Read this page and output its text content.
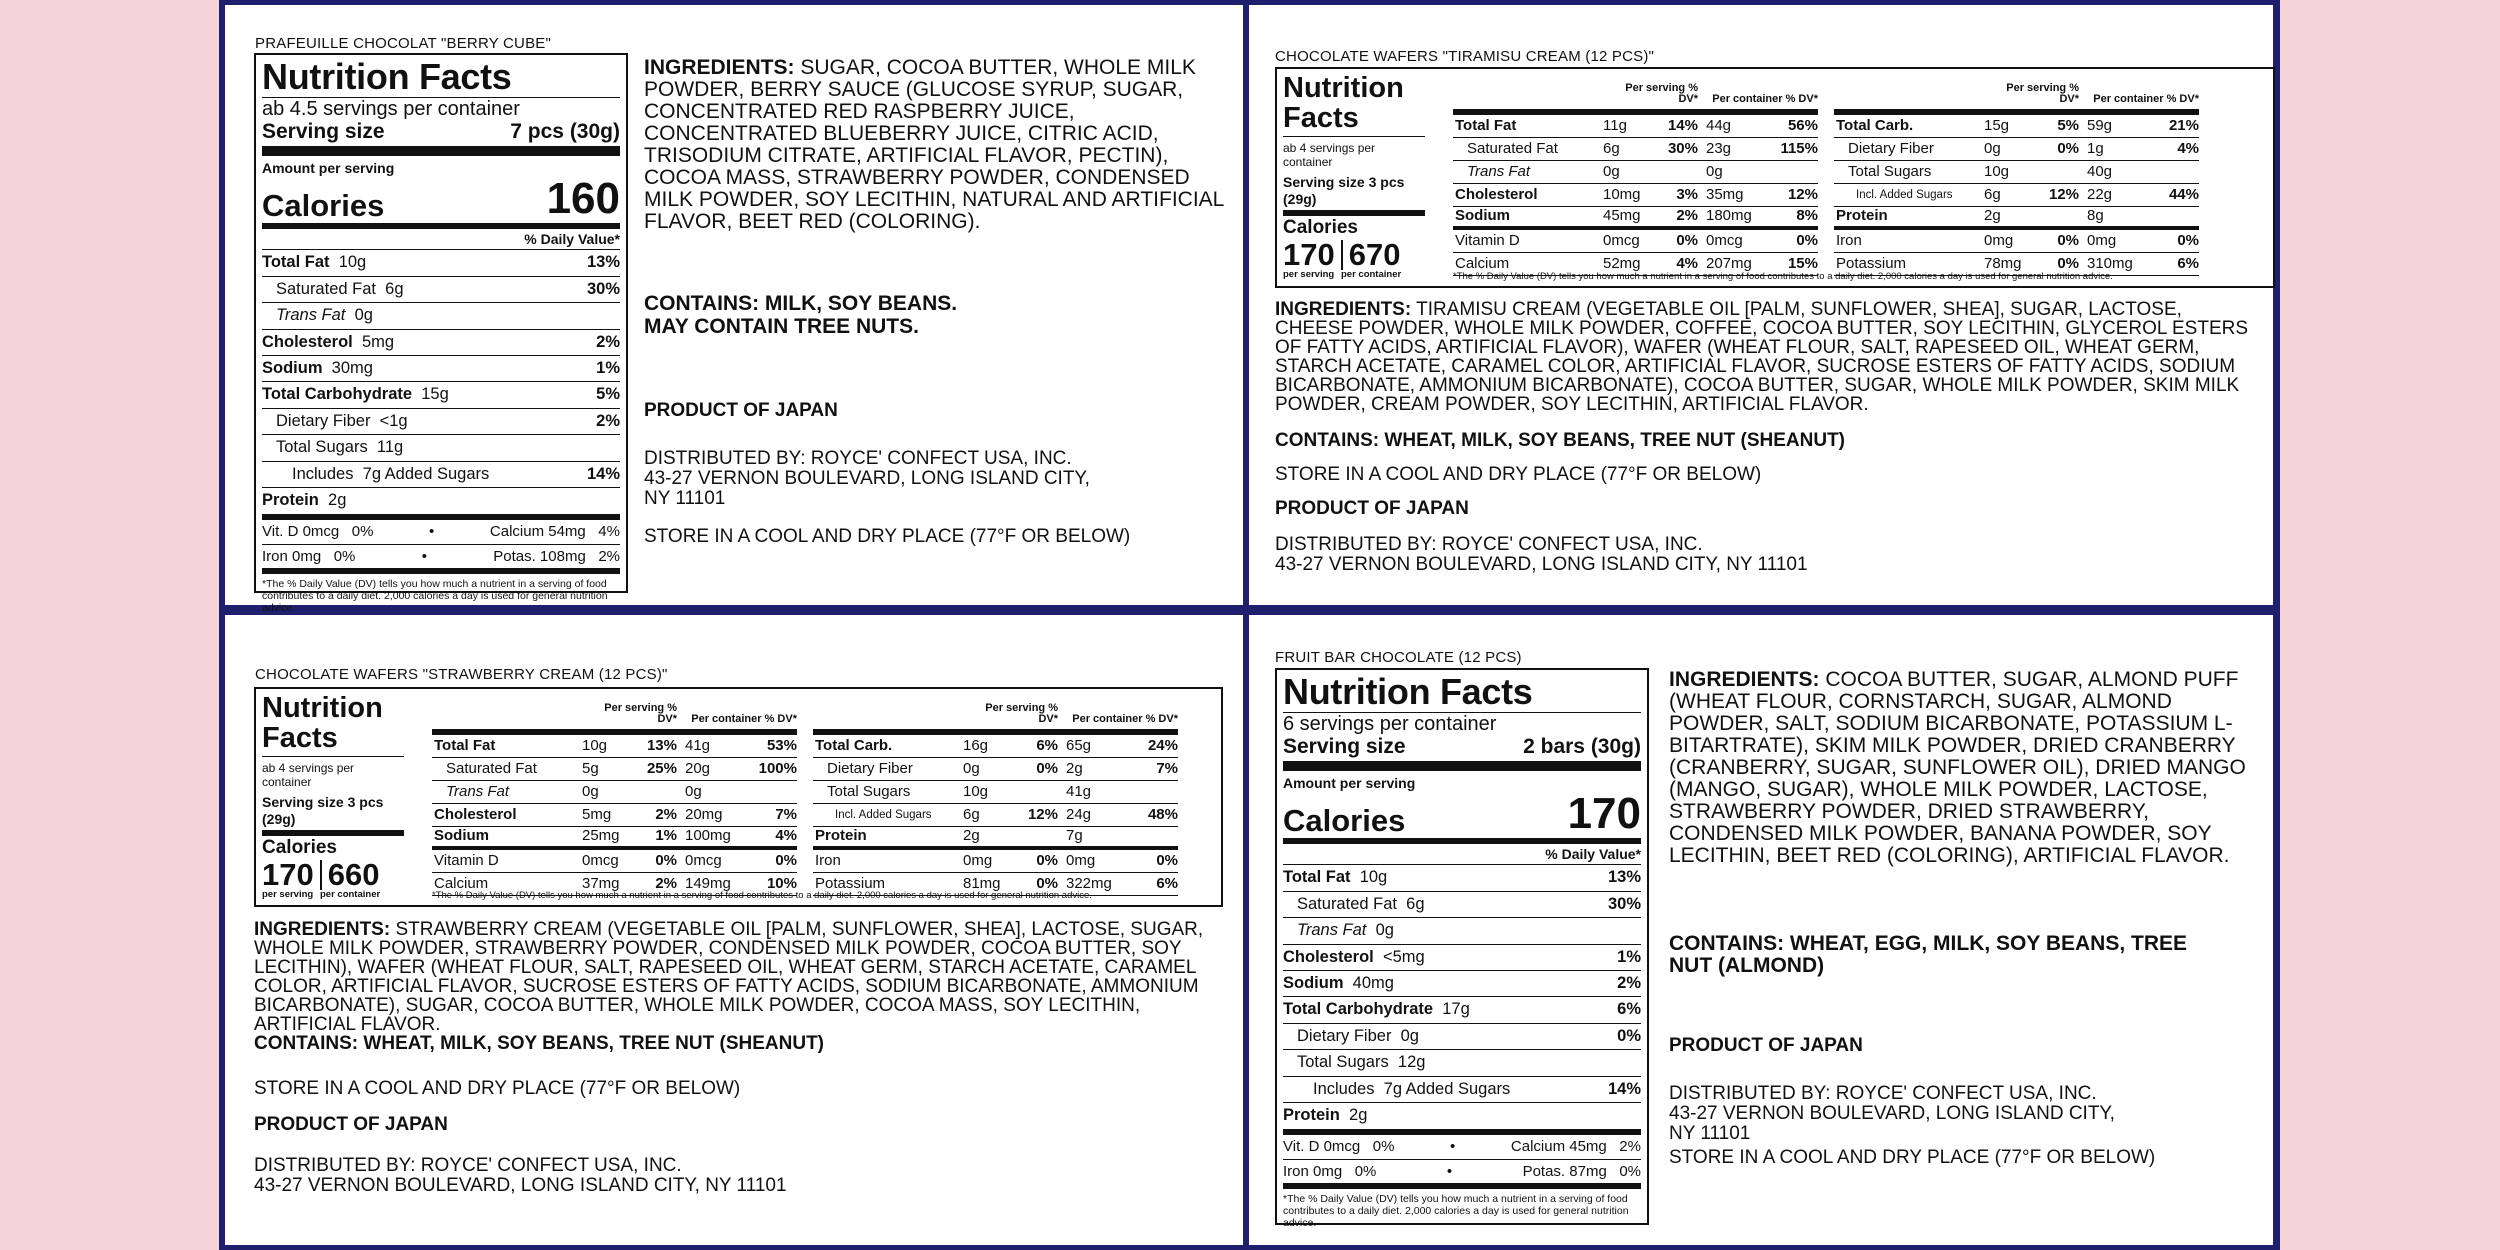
PRAFEUILLE CHOCOLAT "BERRY CUBE"
Nutrition Facts
ab 4.5 servings per container
Serving size	7 pcs (30g)
Amount per serving
Calories	160
% Daily Value*
Total Fat 10g	13%
Saturated Fat 6g	30%
Trans Fat 0g
Cholesterol 5mg	2%
Sodium 30mg	1%
Total Carbohydrate 15g	5%
Dietary Fiber <1g	2%
Total Sugars 11g
Includes 7g Added Sugars	14%
Protein 2g
Vit. D 0mcg 0%	•	Calcium 54mg 4%
Iron 0mg 0%	•	Potas. 108mg 2%
*The % Daily Value (DV) tells you how much a nutrient in a serving of food contributes to a daily diet. 2,000 calories a day is used for general nutrition advice.
INGREDIENTS: SUGAR, COCOA BUTTER, WHOLE MILK POWDER, BERRY SAUCE (GLUCOSE SYRUP, SUGAR, CONCENTRATED RED RASPBERRY JUICE, CONCENTRATED BLUEBERRY JUICE, CITRIC ACID, TRISODIUM CITRATE, ARTIFICIAL FLAVOR, PECTIN), COCOA MASS, STRAWBERRY POWDER, CONDENSED MILK POWDER, SOY LECITHIN, NATURAL AND ARTIFICIAL FLAVOR, BEET RED (COLORING).
CONTAINS: MILK, SOY BEANS.
MAY CONTAIN TREE NUTS.
PRODUCT OF JAPAN
DISTRIBUTED BY: ROYCE' CONFECT USA, INC.
43-27 VERNON BOULEVARD, LONG ISLAND CITY,
NY 11101
STORE IN A COOL AND DRY PLACE (77°F OR BELOW)
CHOCOLATE WAFERS "TIRAMISU CREAM (12 PCS)"
Nutrition Facts
ab 4 servings per container
Serving size 3 pcs (29g)
Calories
170 670
per serving per container
Per serving % DV*	Per container % DV*
Total Fat	11g	14% 44g	56%
Saturated Fat	6g	30% 23g	115%
Trans Fat	0g	0g
Cholesterol	10mg	3% 35mg	12%
Sodium	45mg	2% 180mg	8%
Vitamin D	0mcg	0% 0mcg	0%
Calcium	52mg	4% 207mg	15%
Per serving % DV*	Per container % DV*
Total Carb.	15g	5% 59g	21%
Dietary Fiber	0g	0% 1g	4%
Total Sugars	10g	40g
Incl. Added Sugars	6g	12% 22g	44%
Protein	2g	8g
Iron	0mg	0% 0mg	0%
Potassium	78mg	0% 310mg	6%
*The % Daily Value (DV) tells you how much a nutrient in a serving of food contributes to a daily diet. 2,000 calories a day is used for general nutrition advice.
INGREDIENTS: TIRAMISU CREAM (VEGETABLE OIL [PALM, SUNFLOWER, SHEA], SUGAR, LACTOSE, CHEESE POWDER, WHOLE MILK POWDER, COFFEE, COCOA BUTTER, SOY LECITHIN, GLYCEROL ESTERS OF FATTY ACIDS, ARTIFICIAL FLAVOR), WAFER (WHEAT FLOUR, SALT, RAPESEED OIL, WHEAT GERM, STARCH ACETATE, CARAMEL COLOR, ARTIFICIAL FLAVOR, SUCROSE ESTERS OF FATTY ACIDS, SODIUM BICARBONATE, AMMONIUM BICARBONATE), COCOA BUTTER, SUGAR, WHOLE MILK POWDER, SKIM MILK POWDER, CREAM POWDER, SOY LECITHIN, ARTIFICIAL FLAVOR.
CONTAINS: WHEAT, MILK, SOY BEANS, TREE NUT (SHEANUT)
STORE IN A COOL AND DRY PLACE (77°F OR BELOW)
PRODUCT OF JAPAN
DISTRIBUTED BY: ROYCE' CONFECT USA, INC.
43-27 VERNON BOULEVARD, LONG ISLAND CITY, NY 11101
CHOCOLATE WAFERS "STRAWBERRY CREAM (12 PCS)"
Nutrition Facts
ab 4 servings per container
Serving size 3 pcs (29g)
Calories
170 660
per serving per container
Per serving % DV*	Per container % DV*
Total Fat	10g	13% 41g	53%
Saturated Fat	5g	25% 20g	100%
Trans Fat	0g	0g
Cholesterol	5mg	2% 20mg	7%
Sodium	25mg	1% 100mg	4%
Vitamin D	0mcg	0% 0mcg	0%
Calcium	37mg	2% 149mg	10%
Per serving % DV*	Per container % DV*
Total Carb.	16g	6% 65g	24%
Dietary Fiber	0g	0% 2g	7%
Total Sugars	10g	41g
Incl. Added Sugars	6g	12% 24g	48%
Protein	2g	7g
Iron	0mg	0% 0mg	0%
Potassium	81mg	0% 322mg	6%
*The % Daily Value (DV) tells you how much a nutrient in a serving of food contributes to a daily diet. 2,000 calories a day is used for general nutrition advice.
INGREDIENTS: STRAWBERRY CREAM (VEGETABLE OIL [PALM, SUNFLOWER, SHEA], LACTOSE, SUGAR, WHOLE MILK POWDER, STRAWBERRY POWDER, CONDENSED MILK POWDER, COCOA BUTTER, SOY LECITHIN), WAFER (WHEAT FLOUR, SALT, RAPESEED OIL, WHEAT GERM, STARCH ACETATE, CARAMEL COLOR, ARTIFICIAL FLAVOR, SUCROSE ESTERS OF FATTY ACIDS, SODIUM BICARBONATE, AMMONIUM BICARBONATE), SUGAR, COCOA BUTTER, WHOLE MILK POWDER, COCOA MASS, SOY LECITHIN, ARTIFICIAL FLAVOR.
CONTAINS: WHEAT, MILK, SOY BEANS, TREE NUT (SHEANUT)
STORE IN A COOL AND DRY PLACE (77°F OR BELOW)
PRODUCT OF JAPAN
DISTRIBUTED BY: ROYCE' CONFECT USA, INC.
43-27 VERNON BOULEVARD, LONG ISLAND CITY, NY 11101
FRUIT BAR CHOCOLATE (12 PCS)
Nutrition Facts
6 servings per container
Serving size	2 bars (30g)
Amount per serving
Calories	170
% Daily Value*
Total Fat 10g	13%
Saturated Fat 6g	30%
Trans Fat 0g
Cholesterol <5mg	1%
Sodium 40mg	2%
Total Carbohydrate 17g	6%
Dietary Fiber 0g	0%
Total Sugars 12g
Includes 7g Added Sugars	14%
Protein 2g
Vit. D 0mcg 0%	•	Calcium 45mg 2%
Iron 0mg 0%	•	Potas. 87mg 0%
*The % Daily Value (DV) tells you how much a nutrient in a serving of food contributes to a daily diet. 2,000 calories a day is used for general nutrition advice.
INGREDIENTS: COCOA BUTTER, SUGAR, ALMOND PUFF (WHEAT FLOUR, CORNSTARCH, SUGAR, ALMOND POWDER, SALT, SODIUM BICARBONATE, POTASSIUM L-BITARTRATE), SKIM MILK POWDER, DRIED CRANBERRY (CRANBERRY, SUGAR, SUNFLOWER OIL), DRIED MANGO (MANGO, SUGAR), WHOLE MILK POWDER, LACTOSE, STRAWBERRY POWDER, DRIED STRAWBERRY, CONDENSED MILK POWDER, BANANA POWDER, SOY LECITHIN, BEET RED (COLORING), ARTIFICIAL FLAVOR.
CONTAINS: WHEAT, EGG, MILK, SOY BEANS, TREE NUT (ALMOND)
PRODUCT OF JAPAN
DISTRIBUTED BY: ROYCE' CONFECT USA, INC.
43-27 VERNON BOULEVARD, LONG ISLAND CITY,
NY 11101
STORE IN A COOL AND DRY PLACE (77°F OR BELOW)
